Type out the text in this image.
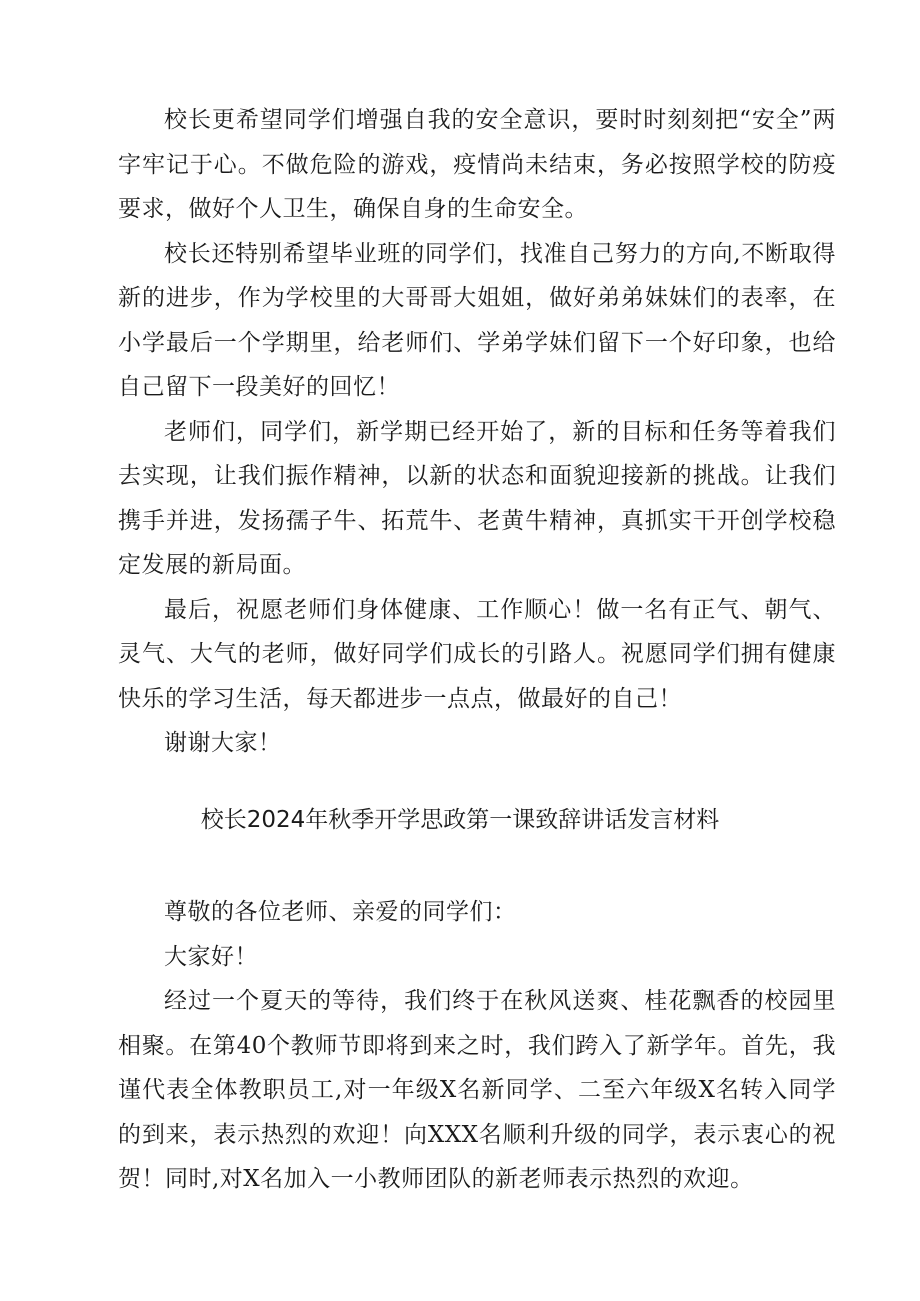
校长更希望同学们增强自我的安全意识，要时时刻刻把“安全”两字牢记于心。不做危险的游戏，疫情尚未结束，务必按照学校的防疫要求，做好个人卫生，确保自身的生命安全。

校长还特别希望毕业班的同学们，找准自己努力的方向,不断取得新的进步，作为学校里的大哥哥大姐姐，做好弟弟妹妹们的表率，在小学最后一个学期里，给老师们、学弟学妹们留下一个好印象，也给自己留下一段美好的回忆！

老师们，同学们，新学期已经开始了，新的目标和任务等着我们去实现，让我们振作精神，以新的状态和面貌迎接新的挑战。让我们携手并进，发扬孺子牛、拓荒牛、老黄牛精神，真抓实干开创学校稳定发展的新局面。

最后，祝愿老师们身体健康、工作顺心！做一名有正气、朝气、灵气、大气的老师，做好同学们成长的引路人。祝愿同学们拥有健康快乐的学习生活，每天都进步一点点，做最好的自己！

谢谢大家！

校长2024年秋季开学思政第一课致辞讲话发言材料

尊敬的各位老师、亲爱的同学们：

大家好！

经过一个夏天的等待，我们终于在秋风送爽、桂花飘香的校园里相聚。在第40个教师节即将到来之时，我们跨入了新学年。首先，我谨代表全体教职员工,对一年级X名新同学、二至六年级X名转入同学的到来，表示热烈的欢迎！向XXX名顺利升级的同学，表示衷心的祝贺！同时,对X名加入一小教师团队的新老师表示热烈的欢迎。
